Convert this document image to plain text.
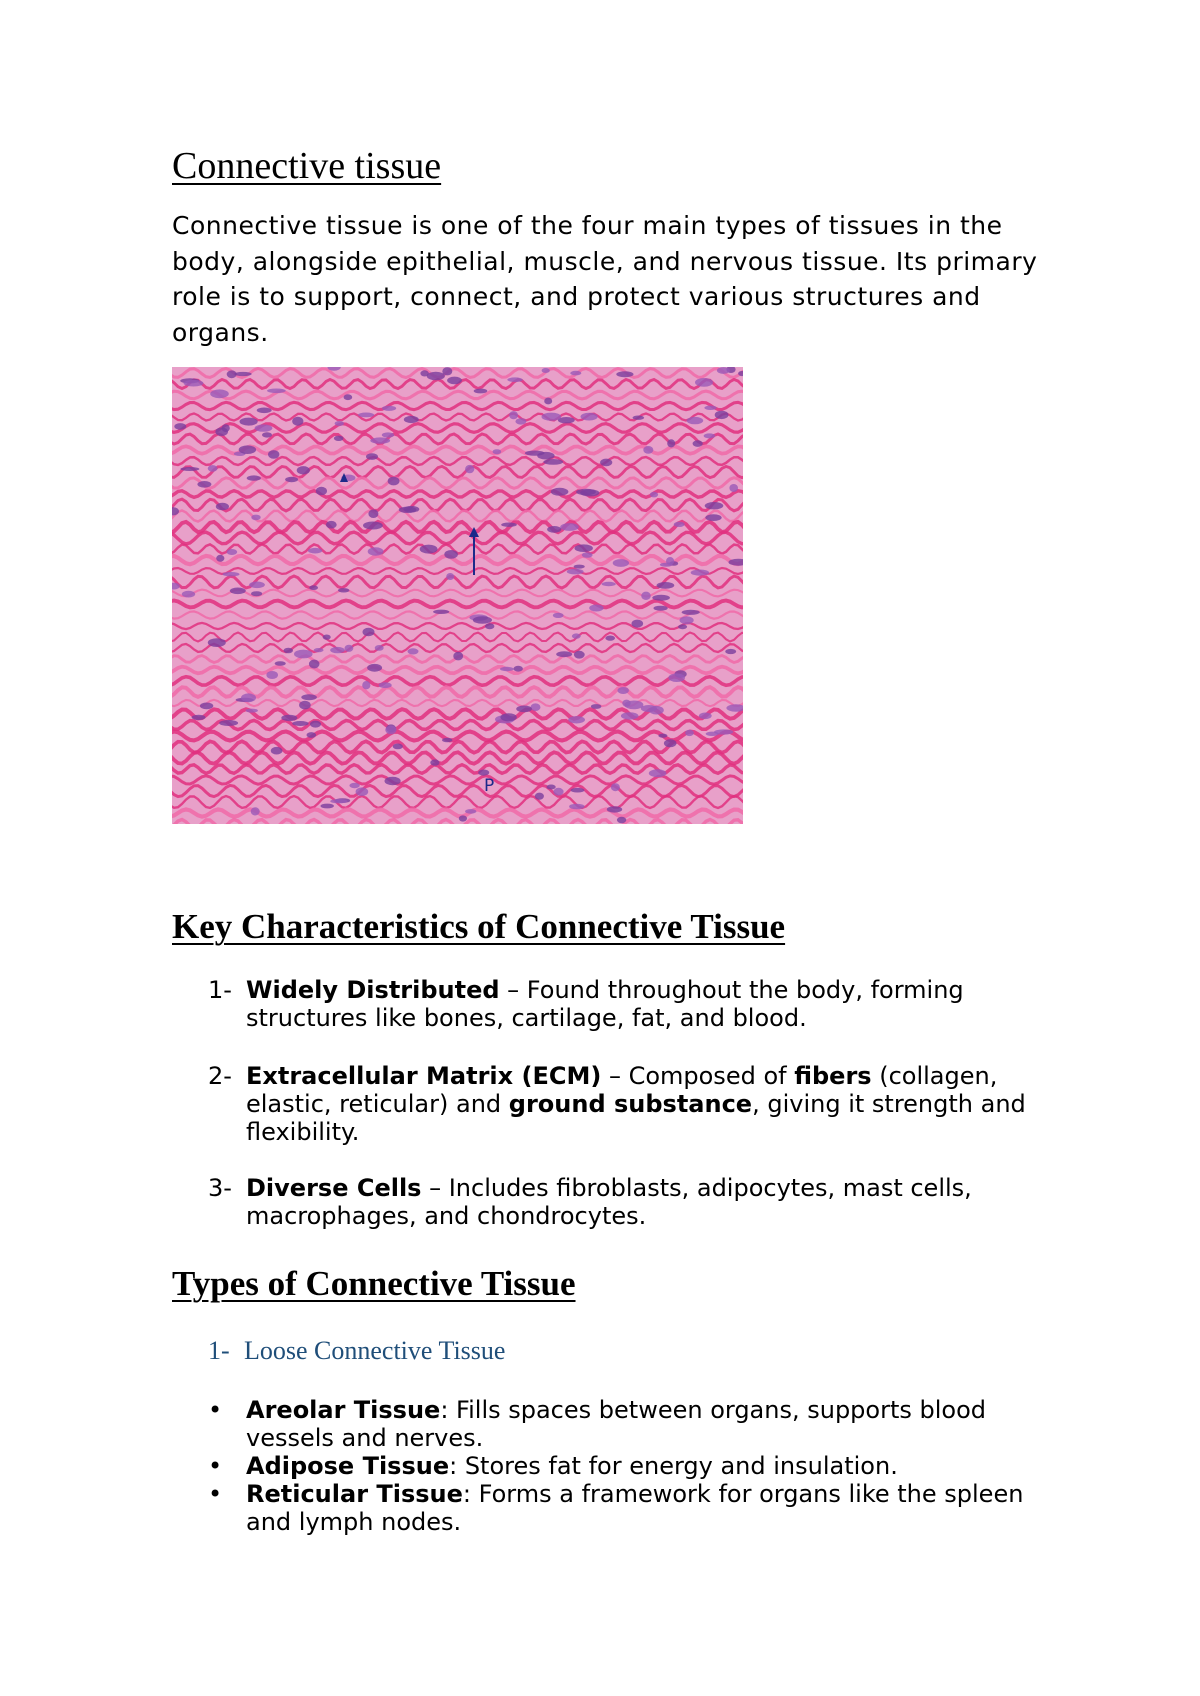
Connective tissue
Connective tissue is one of the four main types of tissues in the body, alongside epithelial, muscle, and nervous tissue. Its primary role is to support, connect, and protect various structures and organs.
P
Key Characteristics of Connective Tissue
1- Widely Distributed – Found throughout the body, forming structures like bones, cartilage, fat, and blood.
2- Extracellular Matrix (ECM) – Composed of fibers (collagen, elastic, reticular) and ground substance, giving it strength and flexibility.
3- Diverse Cells – Includes fibroblasts, adipocytes, mast cells, macrophages, and chondrocytes.
Types of Connective Tissue
1- Loose Connective Tissue
• Areolar Tissue: Fills spaces between organs, supports blood vessels and nerves.
• Adipose Tissue: Stores fat for energy and insulation.
• Reticular Tissue: Forms a framework for organs like the spleen and lymph nodes.
